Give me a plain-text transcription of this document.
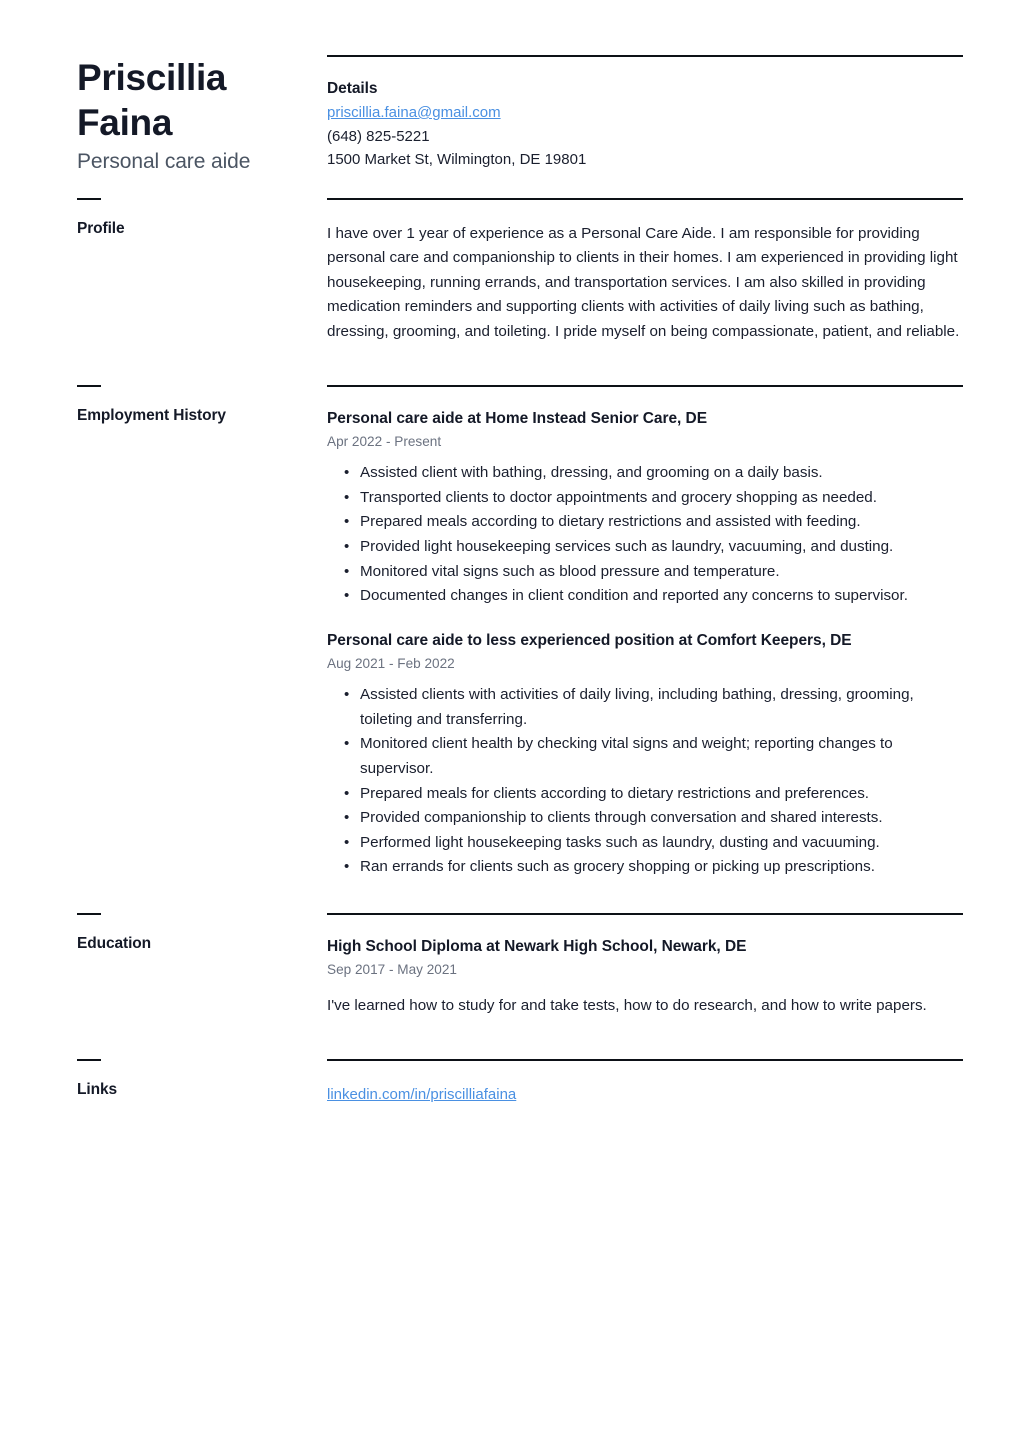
Priscillia
Faina
Personal care aide
Details
priscillia.faina@gmail.com
(648) 825-5221
1500 Market St, Wilmington, DE 19801
Profile	I have over 1 year of experience as a Personal Care Aide. I am responsible for providing personal care and companionship to clients in their homes. I am experienced in providing light housekeeping, running errands, and transportation services. I am also skilled in providing medication reminders and supporting clients with activities of daily living such as bathing, dressing, grooming, and toileting. I pride myself on being compassionate, patient, and reliable.
Employment History	Personal care aide at Home Instead Senior Care, DE
Apr 2022 - Present
• Assisted client with bathing, dressing, and grooming on a daily basis.
• Transported clients to doctor appointments and grocery shopping as needed.
• Prepared meals according to dietary restrictions and assisted with feeding.
• Provided light housekeeping services such as laundry, vacuuming, and dusting.
• Monitored vital signs such as blood pressure and temperature.
• Documented changes in client condition and reported any concerns to supervisor.
Personal care aide to less experienced position at Comfort Keepers, DE
Aug 2021 - Feb 2022
• Assisted clients with activities of daily living, including bathing, dressing, grooming, toileting and transferring.
• Monitored client health by checking vital signs and weight; reporting changes to supervisor.
• Prepared meals for clients according to dietary restrictions and preferences.
• Provided companionship to clients through conversation and shared interests.
• Performed light housekeeping tasks such as laundry, dusting and vacuuming.
• Ran errands for clients such as grocery shopping or picking up prescriptions.
Education	High School Diploma at Newark High School, Newark, DE
Sep 2017 - May 2021
I've learned how to study for and take tests, how to do research, and how to write papers.
Links	linkedin.com/in/priscilliafaina
